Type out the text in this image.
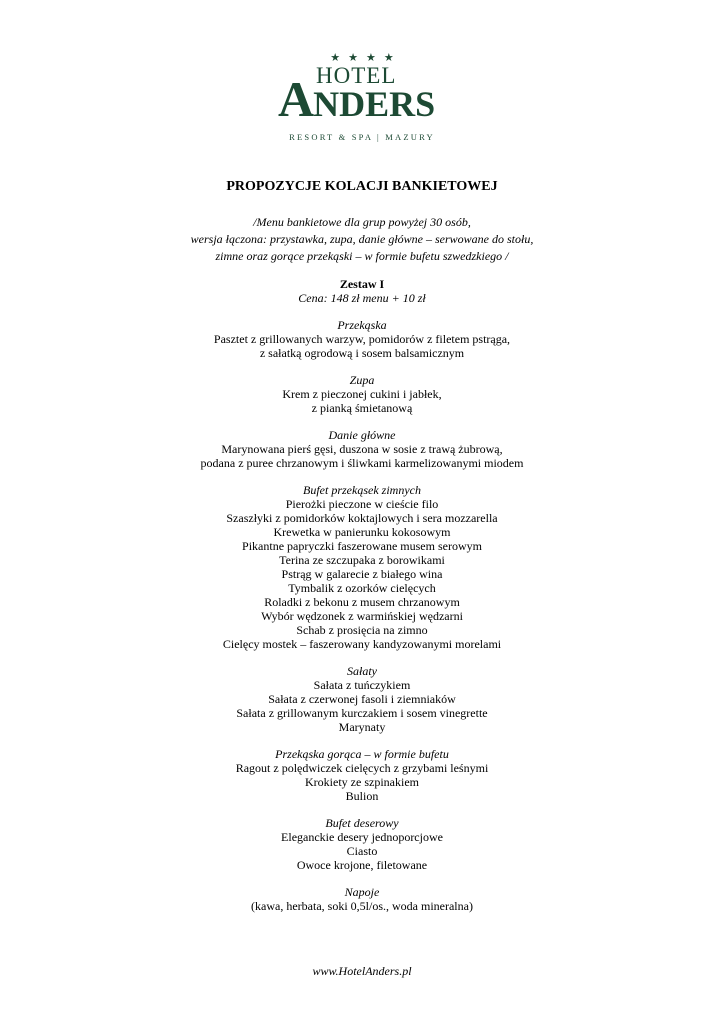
★★★★
HOTEL
ANDERS
RESORT & SPA | MAZURY
PROPOZYCJE KOLACJI BANKIETOWEJ
/Menu bankietowe dla grup powyżej 30 osób,
wersja łączona: przystawka, zupa, danie główne – serwowane do stołu,
zimne oraz gorące przekąski – w formie bufetu szwedzkiego /
Zestaw I
Cena: 148 zł menu + 10 zł
Przekąska
Pasztet z grillowanych warzyw, pomidorów z filetem pstrąga,
z sałatką ogrodową i sosem balsamicznym
Zupa
Krem z pieczonej cukini i jabłek,
z pianką śmietanową
Danie główne
Marynowana pierś gęsi, duszona w sosie z trawą żubrową,
podana z puree chrzanowym i śliwkami karmelizowanymi miodem
Bufet przekąsek zimnych
Pierożki pieczone w cieście filo
Szaszłyki z pomidorków koktajlowych i sera mozzarella
Krewetka w panierunku kokosowym
Pikantne papryczki faszerowane musem serowym
Terina ze szczupaka z borowikami
Pstrąg w galarecie z białego wina
Tymbalik z ozorków cielęcych
Roladki z bekonu z musem chrzanowym
Wybór wędzonek z warmińskiej wędzarni
Schab z prosięcia na zimno
Cielęcy mostek – faszerowany kandyzowanymi morelami
Sałaty
Sałata z tuńczykiem
Sałata z czerwonej fasoli i ziemniaków
Sałata z grillowanym kurczakiem i sosem vinegrette
Marynaty
Przekąska gorąca – w formie bufetu
Ragout z polędwiczek cielęcych z grzybami leśnymi
Krokiety ze szpinakiem
Bulion
Bufet deserowy
Eleganckie desery jednoporcjowe
Ciasto
Owoce krojone, filetowane
Napoje
(kawa, herbata, soki 0,5l/os., woda mineralna)
www.HotelAnders.pl
